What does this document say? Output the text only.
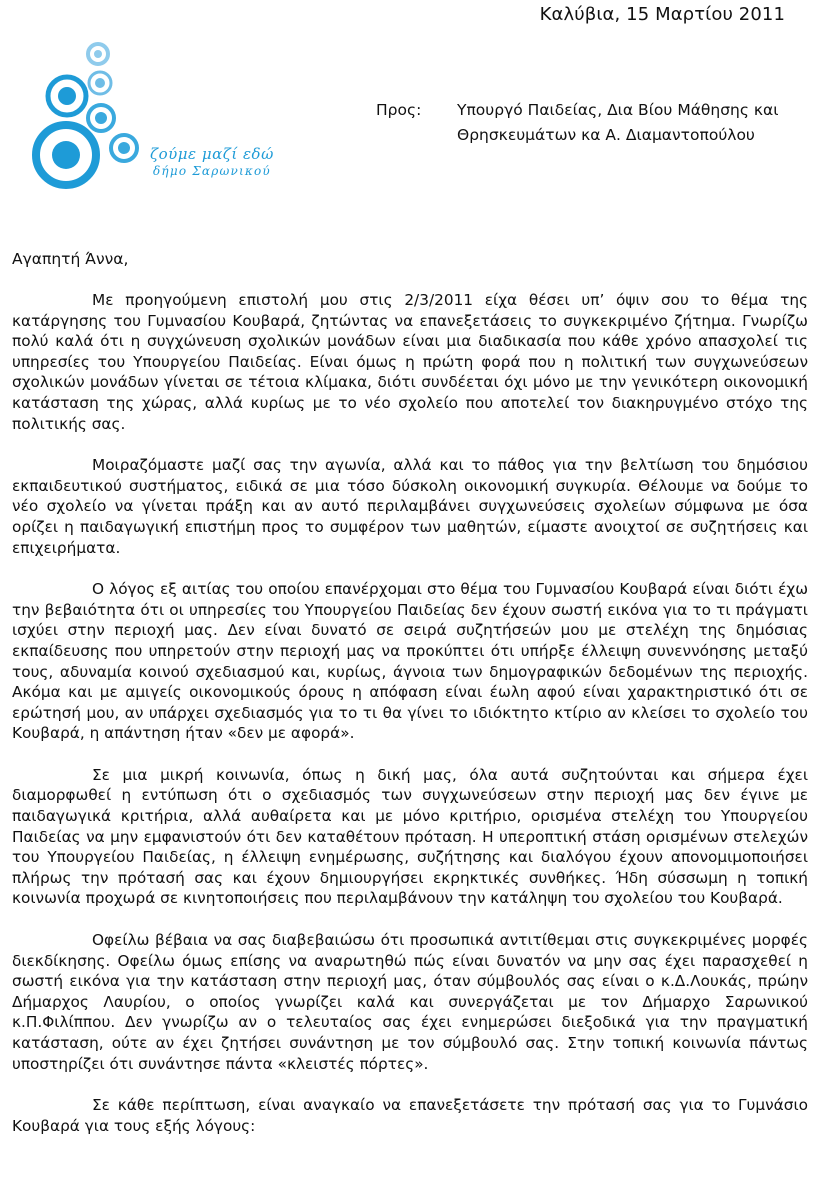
Καλύβια, 15 Μαρτίου 2011
ζούμε μαζί εδώ
δήμο Σαρωνικού
Προς: Υπουργό Παιδείας, Δια Βίου Μάθησης και
Θρησκευμάτων κα Α. Διαμαντοπούλου
Αγαπητή Άννα,

Με προηγούμενη επιστολή μου στις 2/3/2011 είχα θέσει υπ’ όψιν σου το θέμα της κατάργησης του Γυμνασίου Κουβαρά, ζητώντας να επανεξετάσεις το συγκεκριμένο ζήτημα. Γνωρίζω πολύ καλά ότι η συγχώνευση σχολικών μονάδων είναι μια διαδικασία που κάθε χρόνο απασχολεί τις υπηρεσίες του Υπουργείου Παιδείας. Είναι όμως η πρώτη φορά που η πολιτική των συγχωνεύσεων σχολικών μονάδων γίνεται σε τέτοια κλίμακα, διότι συνδέεται όχι μόνο με την γενικότερη οικονομική κατάσταση της χώρας, αλλά κυρίως με το νέο σχολείο που αποτελεί τον διακηρυγμένο στόχο της πολιτικής σας.

Μοιραζόμαστε μαζί σας την αγωνία, αλλά και το πάθος για την βελτίωση του δημόσιου εκπαιδευτικού συστήματος, ειδικά σε μια τόσο δύσκολη οικονομική συγκυρία. Θέλουμε να δούμε το νέο σχολείο να γίνεται πράξη και αν αυτό περιλαμβάνει συγχωνεύσεις σχολείων σύμφωνα με όσα ορίζει η παιδαγωγική επιστήμη προς το συμφέρον των μαθητών, είμαστε ανοιχτοί σε συζητήσεις και επιχειρήματα.

Ο λόγος εξ αιτίας του οποίου επανέρχομαι στο θέμα του Γυμνασίου Κουβαρά είναι διότι έχω την βεβαιότητα ότι οι υπηρεσίες του Υπουργείου Παιδείας δεν έχουν σωστή εικόνα για το τι πράγματι ισχύει στην περιοχή μας. Δεν είναι δυνατό σε σειρά συζητήσεών μου με στελέχη της δημόσιας εκπαίδευσης που υπηρετούν στην περιοχή μας να προκύπτει ότι υπήρξε έλλειψη συνεννόησης μεταξύ τους, αδυναμία κοινού σχεδιασμού και, κυρίως, άγνοια των δημογραφικών δεδομένων της περιοχής. Ακόμα και με αμιγείς οικονομικούς όρους η απόφαση είναι έωλη αφού είναι χαρακτηριστικό ότι σε ερώτησή μου, αν υπάρχει σχεδιασμός για το τι θα γίνει το ιδιόκτητο κτίριο αν κλείσει το σχολείο του Κουβαρά, η απάντηση ήταν «δεν με αφορά».

Σε μια μικρή κοινωνία, όπως η δική μας, όλα αυτά συζητούνται και σήμερα έχει διαμορφωθεί η εντύπωση ότι ο σχεδιασμός των συγχωνεύσεων στην περιοχή μας δεν έγινε με παιδαγωγικά κριτήρια, αλλά αυθαίρετα και με μόνο κριτήριο, ορισμένα στελέχη του Υπουργείου Παιδείας να μην εμφανιστούν ότι δεν καταθέτουν πρόταση. Η υπεροπτική στάση ορισμένων στελεχών του Υπουργείου Παιδείας, η έλλειψη ενημέρωσης, συζήτησης και διαλόγου έχουν απονομιμοποιήσει πλήρως την πρότασή σας και έχουν δημιουργήσει εκρηκτικές συνθήκες. Ήδη σύσσωμη η τοπική κοινωνία προχωρά σε κινητοποιήσεις που περιλαμβάνουν την κατάληψη του σχολείου του Κουβαρά.

Οφείλω βέβαια να σας διαβεβαιώσω ότι προσωπικά αντιτίθεμαι στις συγκεκριμένες μορφές διεκδίκησης. Οφείλω όμως επίσης να αναρωτηθώ πώς είναι δυνατόν να μην σας έχει παρασχεθεί η σωστή εικόνα για την κατάσταση στην περιοχή μας, όταν σύμβουλός σας είναι ο κ.Δ.Λουκάς, πρώην Δήμαρχος Λαυρίου, ο οποίος γνωρίζει καλά και συνεργάζεται με τον Δήμαρχο Σαρωνικού κ.Π.Φιλίππου. Δεν γνωρίζω αν ο τελευταίος σας έχει ενημερώσει διεξοδικά για την πραγματική κατάσταση, ούτε αν έχει ζητήσει συνάντηση με τον σύμβουλό σας. Στην τοπική κοινωνία πάντως υποστηρίζει ότι συνάντησε πάντα «κλειστές πόρτες».

Σε κάθε περίπτωση, είναι αναγκαίο να επανεξετάσετε την πρότασή σας για το Γυμνάσιο Κουβαρά για τους εξής λόγους:
